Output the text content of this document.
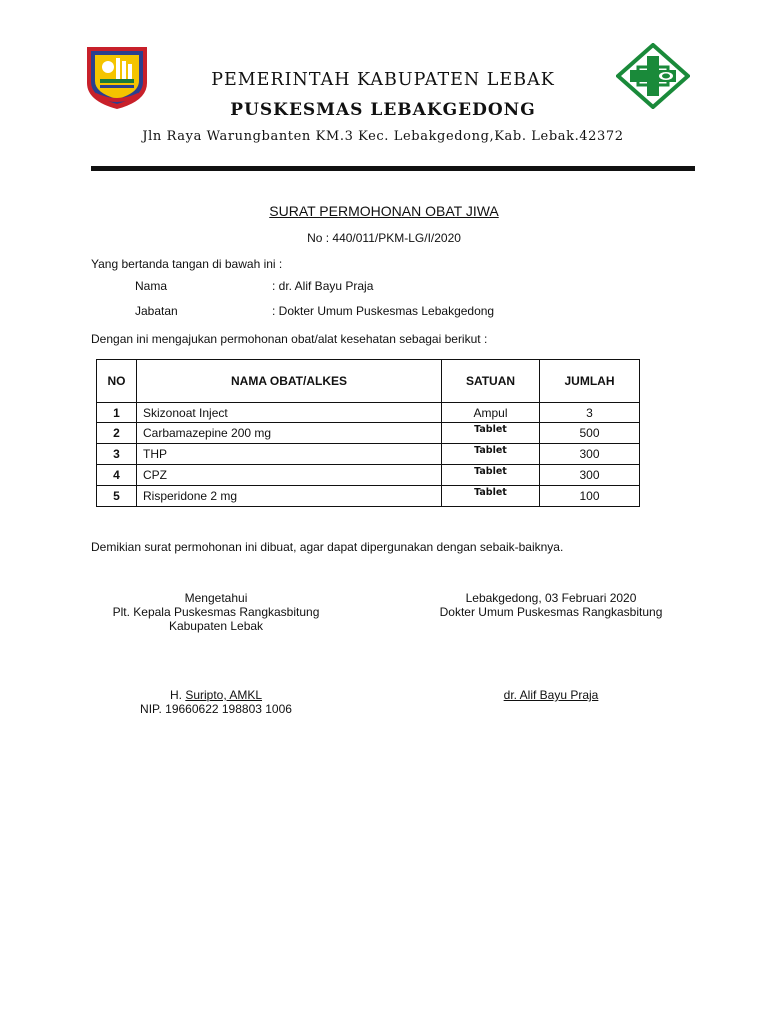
PEMERINTAH KABUPATEN LEBAK
PUSKESMAS LEBAKGEDONG
Jln Raya Warungbanten KM.3 Kec. Lebakgedong,Kab. Lebak.42372
SURAT PERMOHONAN OBAT JIWA
No : 440/011/PKM-LG/I/2020
Yang bertanda tangan di bawah ini :
Nama	: dr. Alif Bayu Praja
Jabatan	: Dokter Umum Puskesmas Lebakgedong
Dengan ini mengajukan permohonan obat/alat kesehatan sebagai berikut :
NO	NAMA OBAT/ALKES	SATUAN	JUMLAH
1	Skizonoat Inject	Ampul	3
2	Carbamazepine 200 mg	Tablet	500
3	THP	Tablet	300
4	CPZ	Tablet	300
5	Risperidone 2 mg	Tablet	100
Demikian surat permohonan ini dibuat, agar dapat dipergunakan dengan sebaik-baiknya.
Mengetahui
Plt. Kepala Puskesmas Rangkasbitung
Kabupaten Lebak
H. Suripto, AMKL
NIP. 19660622 198803 1006
Lebakgedong, 03 Februari 2020
Dokter Umum Puskesmas Rangkasbitung
dr. Alif Bayu Praja
